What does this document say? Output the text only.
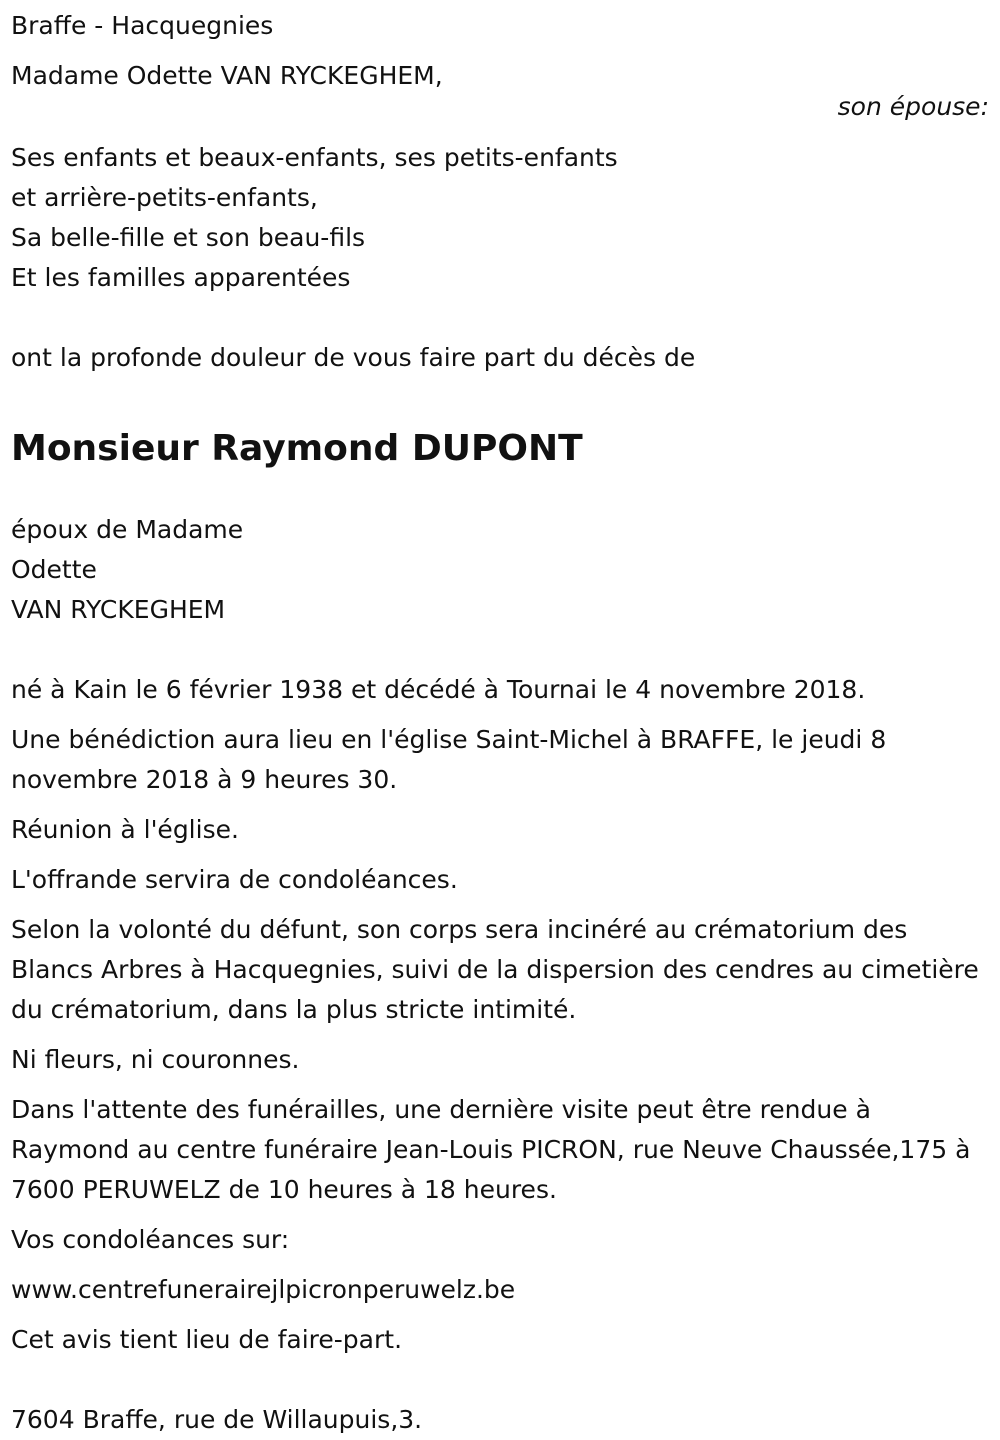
Braffe - Hacquegnies
Madame Odette VAN RYCKEGHEM,
son épouse:
Ses enfants et beaux-enfants, ses petits-enfants
et arrière-petits-enfants,
Sa belle-fille et son beau-fils
Et les familles apparentées
ont la profonde douleur de vous faire part du décès de
Monsieur Raymond DUPONT
époux de Madame
Odette
VAN RYCKEGHEM

né à Kain le 6 février 1938 et décédé à Tournai le 4 novembre 2018.

Une bénédiction aura lieu en l'église Saint-Michel à BRAFFE, le jeudi 8 novembre 2018 à 9 heures 30.

Réunion à l'église.

L'offrande servira de condoléances.

Selon la volonté du défunt, son corps sera incinéré au crématorium des Blancs Arbres à Hacquegnies, suivi de la dispersion des cendres au cimetière du crématorium, dans la plus stricte intimité.

Ni fleurs, ni couronnes.

Dans l'attente des funérailles, une dernière visite peut être rendue à Raymond au centre funéraire Jean-Louis PICRON, rue Neuve Chaussée,175 à 7600 PERUWELZ de 10 heures à 18 heures.

Vos condoléances sur:

www.centrefunerairejlpicronperuwelz.be

Cet avis tient lieu de faire-part.

7604 Braffe, rue de Willaupuis,3.
